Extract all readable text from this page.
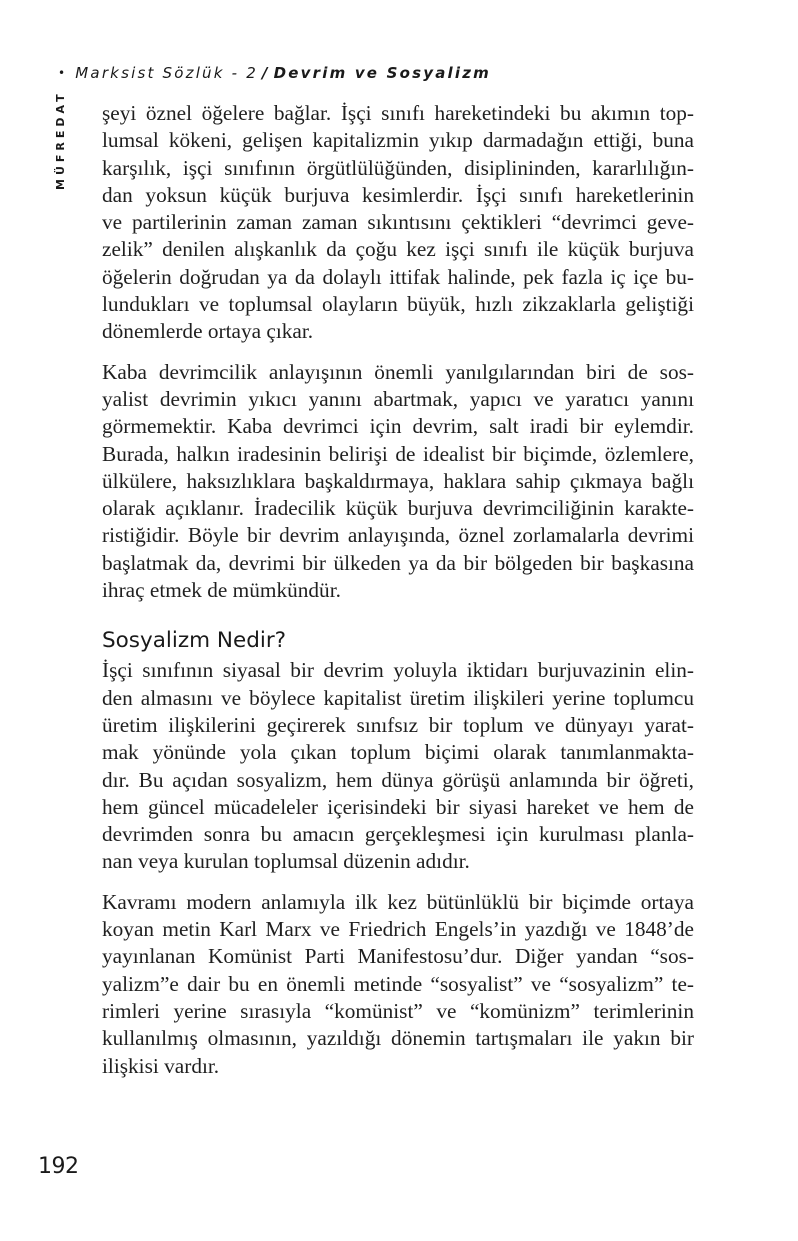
• Marksist Sözlük - 2 / Devrim ve Sosyalizm
MÜFREDAT şeyi öznel öğelere bağlar. İşçi sınıfı hareketindeki bu akımın top-
lumsal kökeni, gelişen kapitalizmin yıkıp darmadağın ettiği, buna
karşılık, işçi sınıfının örgütlülüğünden, disiplininden, kararlılığın-
dan yoksun küçük burjuva kesimlerdir. İşçi sınıfı hareketlerinin
ve partilerinin zaman zaman sıkıntısını çektikleri “devrimci geve-
zelik” denilen alışkanlık da çoğu kez işçi sınıfı ile küçük burjuva
öğelerin doğrudan ya da dolaylı ittifak halinde, pek fazla iç içe bu-
lundukları ve toplumsal olayların büyük, hızlı zikzaklarla geliştiği
dönemlerde ortaya çıkar.

Kaba devrimcilik anlayışının önemli yanılgılarından biri de sos-
yalist devrimin yıkıcı yanını abartmak, yapıcı ve yaratıcı yanını
görmemektir. Kaba devrimci için devrim, salt iradi bir eylemdir.
Burada, halkın iradesinin belirişi de idealist bir biçimde, özlemlere,
ülkülere, haksızlıklara başkaldırmaya, haklara sahip çıkmaya bağlı
olarak açıklanır. İradecilik küçük burjuva devrimciliğinin karakte-
ristiğidir. Böyle bir devrim anlayışında, öznel zorlamalarla devrimi
başlatmak da, devrimi bir ülkeden ya da bir bölgeden bir başkasına
ihraç etmek de mümkündür.

Sosyalizm Nedir?

İşçi sınıfının siyasal bir devrim yoluyla iktidarı burjuvazinin elin-
den almasını ve böylece kapitalist üretim ilişkileri yerine toplumcu
üretim ilişkilerini geçirerek sınıfsız bir toplum ve dünyayı yarat-
mak yönünde yola çıkan toplum biçimi olarak tanımlanmakta-
dır. Bu açıdan sosyalizm, hem dünya görüşü anlamında bir öğreti,
hem güncel mücadeleler içerisindeki bir siyasi hareket ve hem de
devrimden sonra bu amacın gerçekleşmesi için kurulması planla-
nan veya kurulan toplumsal düzenin adıdır.

Kavramı modern anlamıyla ilk kez bütünlüklü bir biçimde ortaya
koyan metin Karl Marx ve Friedrich Engels’in yazdığı ve 1848’de
yayınlanan Komünist Parti Manifestosu’dur. Diğer yandan “sos-
yalizm”e dair bu en önemli metinde “sosyalist” ve “sosyalizm” te-
rimleri yerine sırasıyla “komünist” ve “komünizm” terimlerinin
kullanılmış olmasının, yazıldığı dönemin tartışmaları ile yakın bir
ilişkisi vardır.

192
